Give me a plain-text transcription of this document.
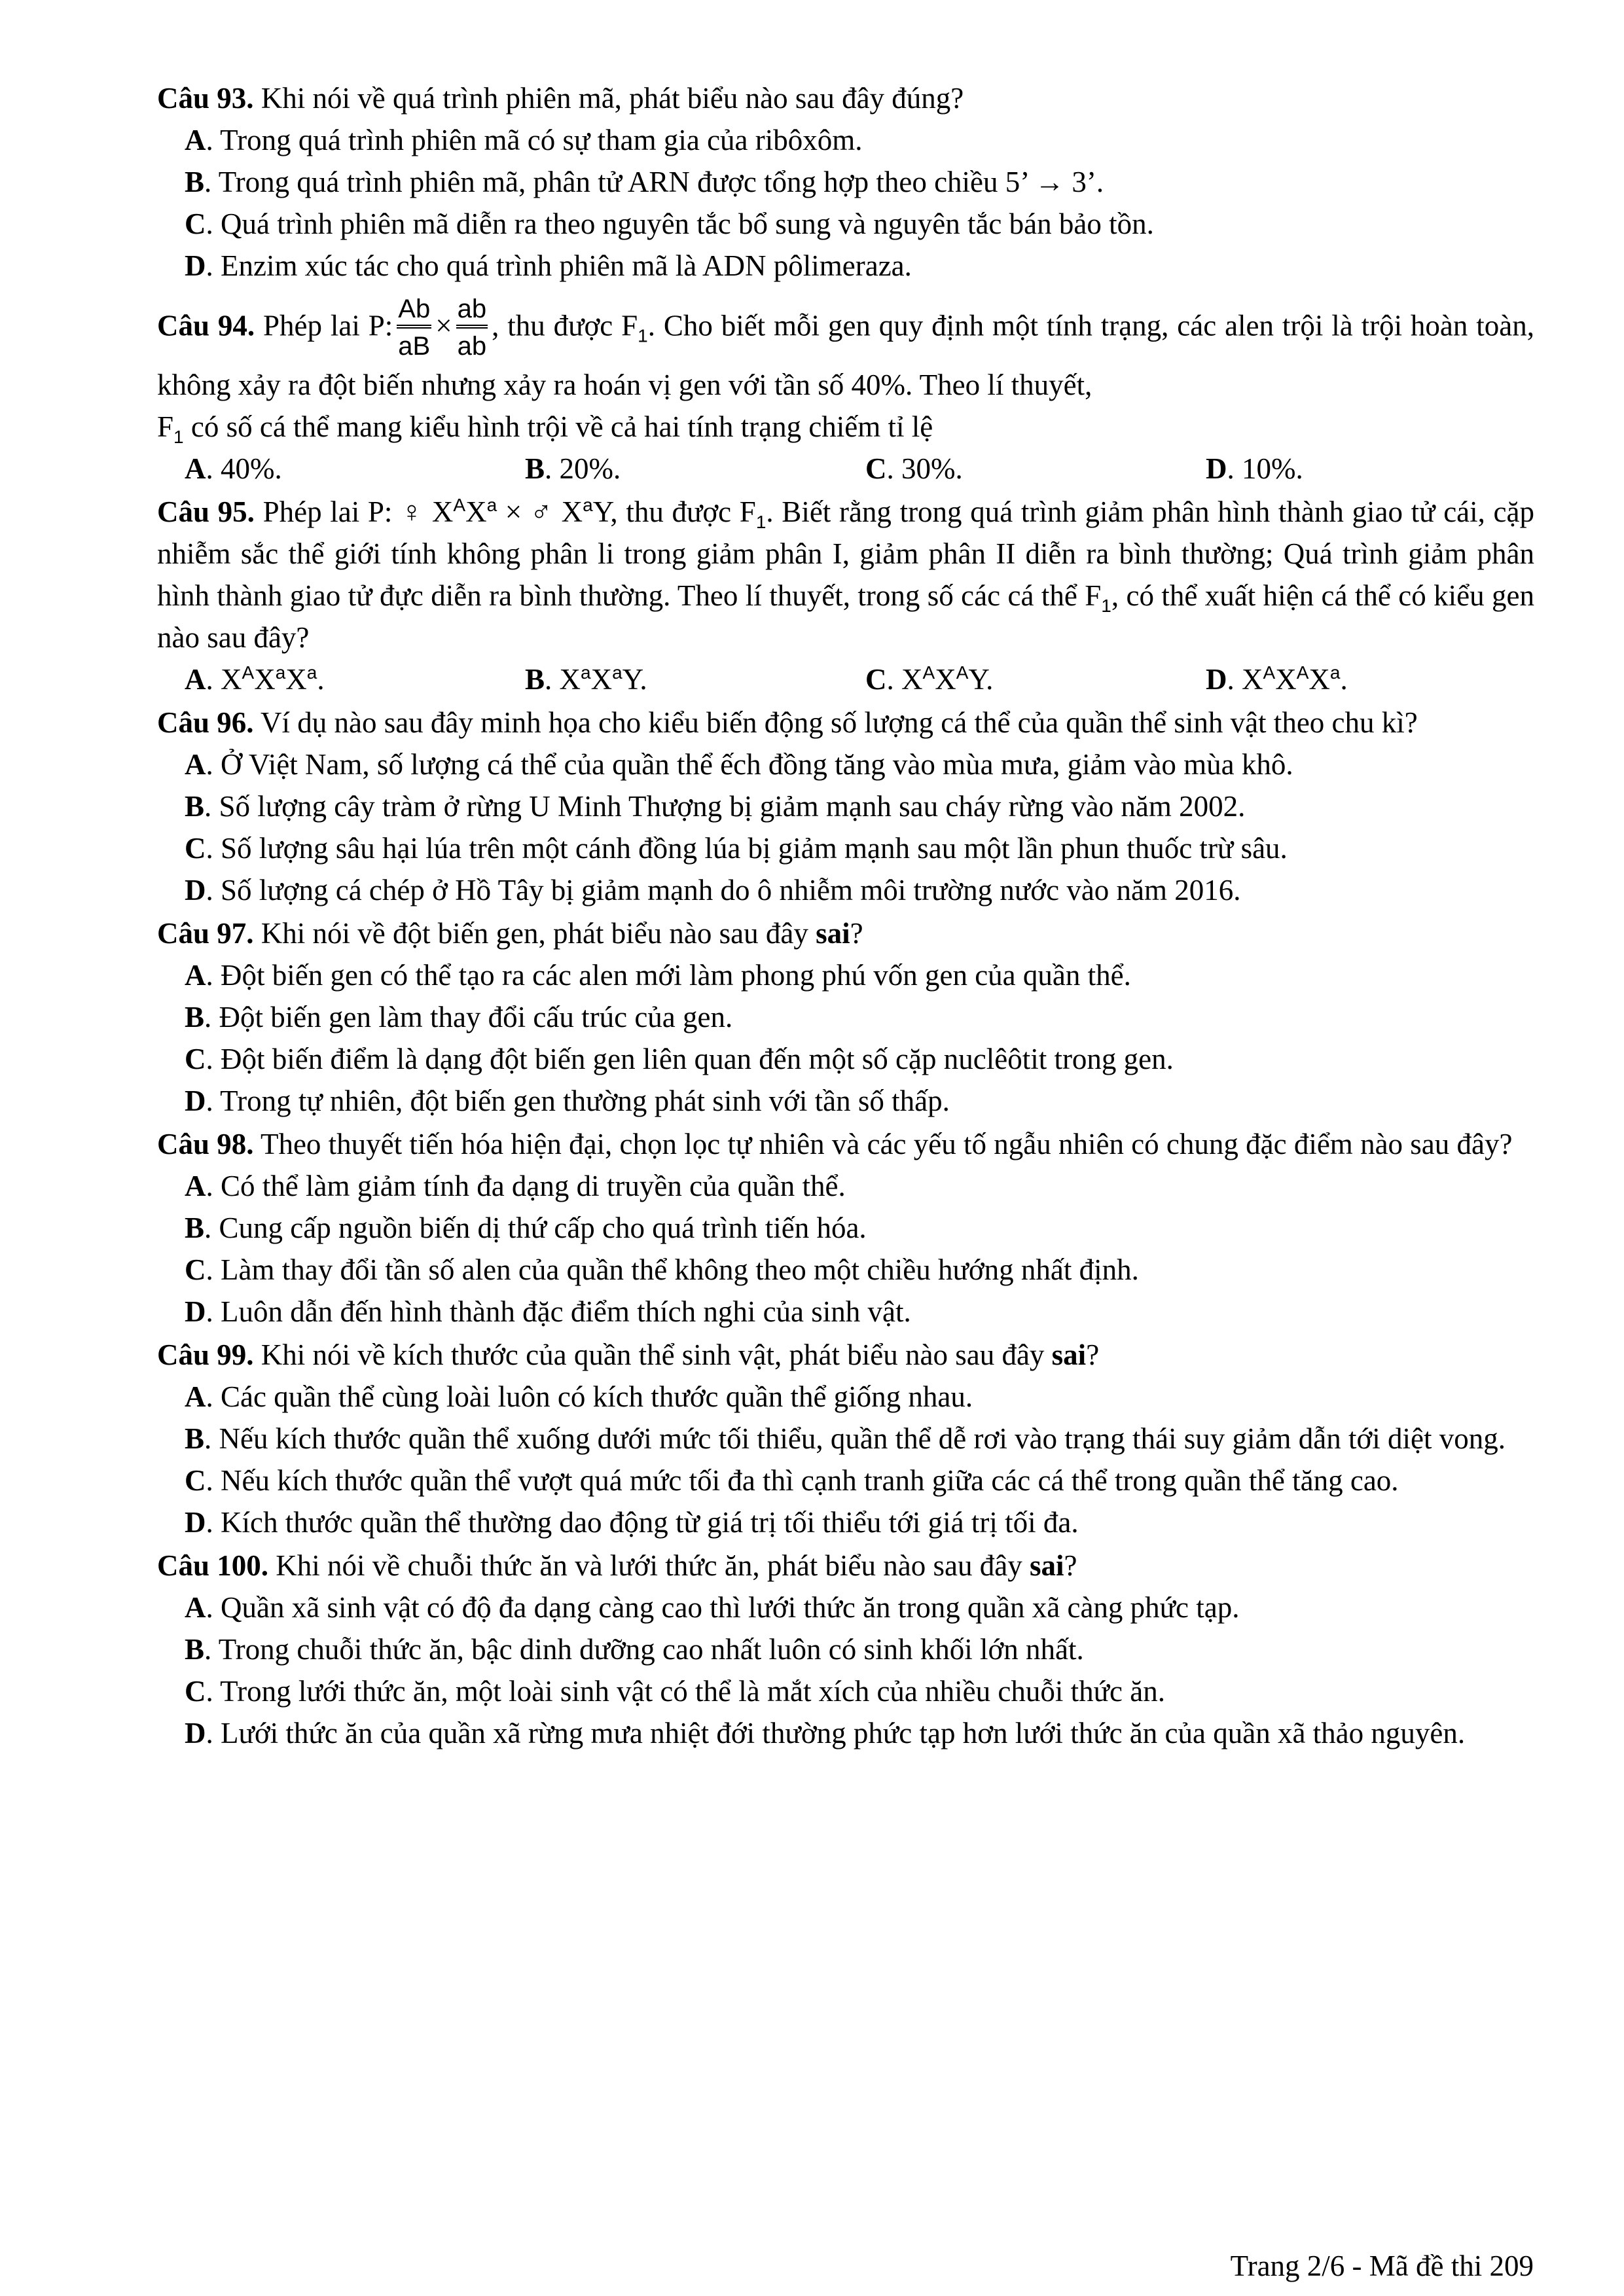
Câu 93. Khi nói về quá trình phiên mã, phát biểu nào sau đây đúng?
A. Trong quá trình phiên mã có sự tham gia của ribôxôm.
B. Trong quá trình phiên mã, phân tử ARN được tổng hợp theo chiều 5’ → 3’.
C. Quá trình phiên mã diễn ra theo nguyên tắc bổ sung và nguyên tắc bán bảo tồn.
D. Enzim xúc tác cho quá trình phiên mã là ADN pôlimeraza.
Câu 94. Phép lai P: $\frac{Ab}{aB} \times \frac{ab}{ab}$ , thu được $F_1$. Cho biết mỗi gen quy định một tính trạng, các alen trội là trội hoàn toàn, không xảy ra đột biến nhưng xảy ra hoán vị gen với tần số 40%. Theo lí thuyết,
$F_1$ có số cá thể mang kiểu hình trội về cả hai tính trạng chiếm tỉ lệ
A. 40%.	B. 20%.	C. 30%.	D. 10%.
Câu 95. Phép lai P: ♀ $X^AX^a$ × ♂ $X^aY$, thu được $F_1$. Biết rằng trong quá trình giảm phân hình thành giao tử cái, cặp nhiễm sắc thể giới tính không phân li trong giảm phân I, giảm phân II diễn ra bình thường; Quá trình giảm phân hình thành giao tử đực diễn ra bình thường. Theo lí thuyết, trong số các cá thể $F_1$, có thể xuất hiện cá thể có kiểu gen nào sau đây?
A. $X^AX^aX^a$.	B. $X^aX^aY$.	C. $X^AX^AY$.	D. $X^AX^AX^a$.
Câu 96. Ví dụ nào sau đây minh họa cho kiểu biến động số lượng cá thể của quần thể sinh vật theo chu kì?
A. Ở Việt Nam, số lượng cá thể của quần thể ếch đồng tăng vào mùa mưa, giảm vào mùa khô.
B. Số lượng cây tràm ở rừng U Minh Thượng bị giảm mạnh sau cháy rừng vào năm 2002.
C. Số lượng sâu hại lúa trên một cánh đồng lúa bị giảm mạnh sau một lần phun thuốc trừ sâu.
D. Số lượng cá chép ở Hồ Tây bị giảm mạnh do ô nhiễm môi trường nước vào năm 2016.
Câu 97. Khi nói về đột biến gen, phát biểu nào sau đây sai?
A. Đột biến gen có thể tạo ra các alen mới làm phong phú vốn gen của quần thể.
B. Đột biến gen làm thay đổi cấu trúc của gen.
C. Đột biến điểm là dạng đột biến gen liên quan đến một số cặp nuclêôtit trong gen.
D. Trong tự nhiên, đột biến gen thường phát sinh với tần số thấp.
Câu 98. Theo thuyết tiến hóa hiện đại, chọn lọc tự nhiên và các yếu tố ngẫu nhiên có chung đặc điểm nào sau đây?
A. Có thể làm giảm tính đa dạng di truyền của quần thể.
B. Cung cấp nguồn biến dị thứ cấp cho quá trình tiến hóa.
C. Làm thay đổi tần số alen của quần thể không theo một chiều hướng nhất định.
D. Luôn dẫn đến hình thành đặc điểm thích nghi của sinh vật.
Câu 99. Khi nói về kích thước của quần thể sinh vật, phát biểu nào sau đây sai?
A. Các quần thể cùng loài luôn có kích thước quần thể giống nhau.
B. Nếu kích thước quần thể xuống dưới mức tối thiểu, quần thể dễ rơi vào trạng thái suy giảm dẫn tới diệt vong.
C. Nếu kích thước quần thể vượt quá mức tối đa thì cạnh tranh giữa các cá thể trong quần thể tăng cao.
D. Kích thước quần thể thường dao động từ giá trị tối thiểu tới giá trị tối đa.
Câu 100. Khi nói về chuỗi thức ăn và lưới thức ăn, phát biểu nào sau đây sai?
A. Quần xã sinh vật có độ đa dạng càng cao thì lưới thức ăn trong quần xã càng phức tạp.
B. Trong chuỗi thức ăn, bậc dinh dưỡng cao nhất luôn có sinh khối lớn nhất.
C. Trong lưới thức ăn, một loài sinh vật có thể là mắt xích của nhiều chuỗi thức ăn.
D. Lưới thức ăn của quần xã rừng mưa nhiệt đới thường phức tạp hơn lưới thức ăn của quần xã thảo nguyên.
Trang 2/6 - Mã đề thi 209
